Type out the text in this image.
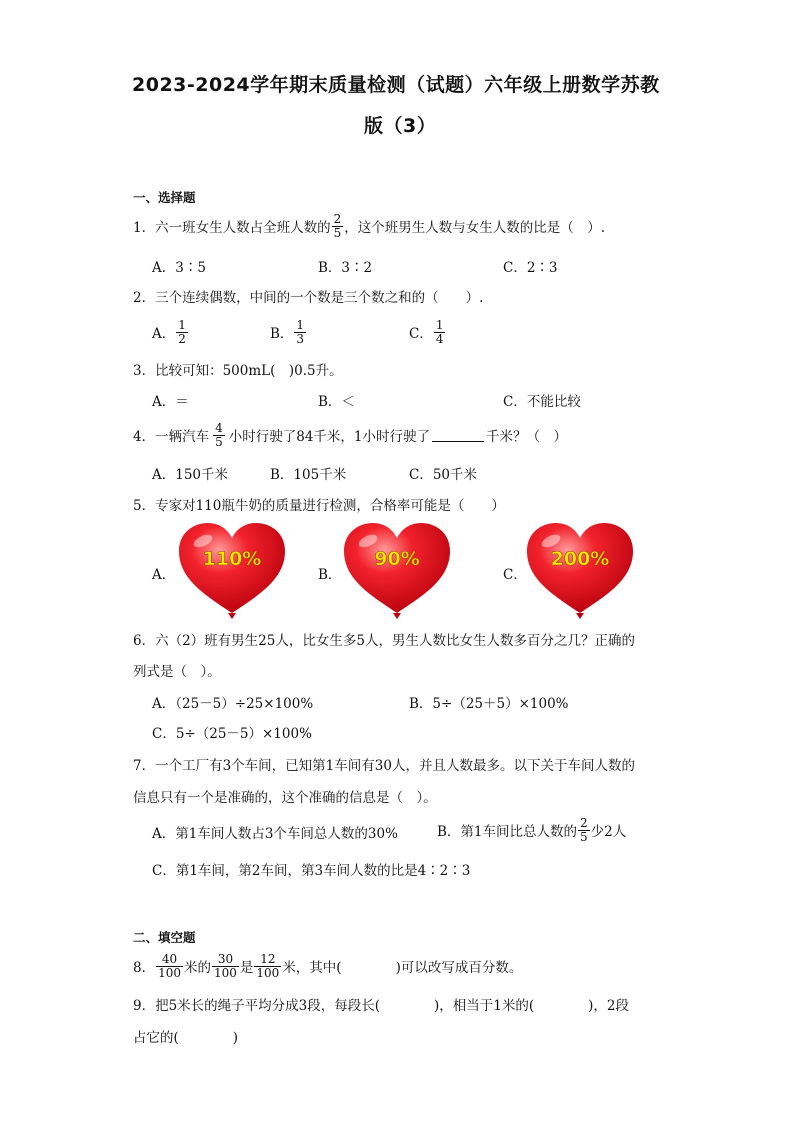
2023-2024学年期末质量检测（试题）六年级上册数学苏教
版（3）
一、选择题
1．六一班女生人数占全班人数的 $\frac{2}{5}$ ，这个班男生人数与女生人数的比是（　）.
A．3∶5	B．3∶2	C．2∶3
2．三个连续偶数，中间的一个数是三个数之和的（　　）.
A． $\frac{1}{2}$	B． $\frac{1}{3}$	C． $\frac{1}{4}$
3．比较可知：500mL(　)0.5升。
A．＝	B．＜	C．不能比较
4．一辆汽车 $\frac{4}{5}$ 小时行驶了84千米，1小时行驶了	千米？（　）
A．150千米	B．105千米	C．50千米
5．专家对110瓶牛奶的质量进行检测，合格率可能是（　　）
A．	B．	C．
110%	90%	200%
6．六（2）班有男生25人，比女生多5人，男生人数比女生人数多百分之几？正确的
列式是（　）。
A．（25－5）÷25×100%	B．5÷（25＋5）×100%
C．5÷（25－5）×100%
7．一个工厂有3个车间，已知第1车间有30人，并且人数最多。以下关于车间人数的
信息只有一个是准确的，这个准确的信息是（　）。
A．第1车间人数占3个车间总人数的30%	B．第1车间比总人数的 $\frac{2}{5}$ 少2人
C．第1车间，第2车间，第3车间人数的比是4∶2∶3
二、填空题
8． $\frac{40}{100}$ 米的 $\frac{30}{100}$ 是 $\frac{12}{100}$ 米，其中(　　　　)可以改写成百分数。
9．把5米长的绳子平均分成3段，每段长(　　　　)，相当于1米的(　　　　)，2段
占它的(　　　　)
